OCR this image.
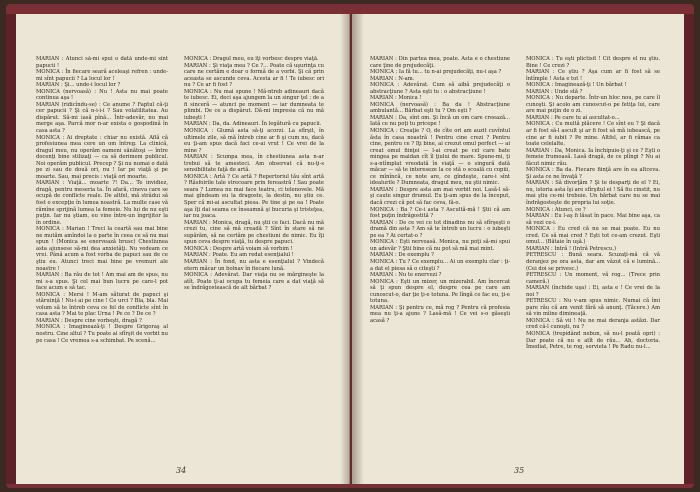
MARIAN : Atunci să-mi spui o dată unde-mi sînt papucii !

MONICA : În fiecare seară aceleaşi refren : unde-mi sînt papucii ? La locul lor !

MARIAN : Şi... unde-i locul lor ?

MONICA (nervoasă) : Nu ! Asta nu mai poate continua aşa !

MARIAN (ridicîndu-se) : Ce anume ? Faptul că-ţi cer papucii ? Şi că n-i-i-i ? Sau volatilitatea. Au dispărut. Să-mi iasă pînă... Într-adevăr, nu mai merge aşa. Parcă mor n-ar exista o gospodină în casa asta ?

MONICA : Ai dreptate : chiar nu există. Află că profesiunea mea cere un om întreg. La clinică, dragul meu, nu operăm oameni sănătoşi — între docenţi bine stilizaţi — ca să derimem publicul. Noi operăm publicul. Precep ? Şi nu numai o dată pe zi sau de două ori, nu ! Iar pe viaţă şi pe moarte. Sau, mai precis : viaţă ori moarte.

MARIAN : Viaţă... moarte ?! Da... Te invidiez, dragă, pentru meseria ta. În afară, cineva care se ocupă de conflicte reale. De altfel, mă strădui să fost o excepţie în lumea noastră. La multe case vă rămîne sprijină lumea la femeie. Nu lui de nu eşti puţin. Iar nu ştiam, eu vine între-un îngrijitor la în ordine.

MONICA : Marian ! Treci la ceartă sau mai bine ne mutăm amîndoi la o parte în ceea ce să nu mai spun ! (Monica se enervează brusc) Chestiunea asta ajunsese să-mi dea anxietăţi. Nu vedeam ce vrei. Până acum a fost vorba de papuci sau de ce ştiu eu. Atunci treci mai bine pe vremuri ale noastre !

MARIAN : Ba rău de tot ! Am mai am de spus, nu mi s-a spus. Şi cel mai bun lucru pe care-l pot face acum e să tac.

MONICA : Mersi ! M-am săturat de papuci şi stăruinţă ! Nu-i ai pe cine ! Ce urci ? Bla, bla. Mai volum să te întreb ceva ce fel de conflicte sînt în casa asta ? Mai te plac Urna ! Pe ce ? De ce ?

MARIAN : Despre cine vorbeşti, dragă ?

MONICA : Imaginează-ţi ! Despre Grigoraş al nostru. Cine altul ? Tu poate ai sfîrşit de vorbit nu pe casa ! Ce vremea s-a schimbat. Pe scenă...

MONICA : Dragul meu, eu îţi vorbesc despre viaţă.

MARIAN : Şi viaţa mea ? Ce ?... Poate că uşurinţa cu care ne certăm e doar o formă de a vorbi. Şi că prin aceasta se ascunde ceva. Acesta ar fi ! Te iubesc ori nu ? Ce ar fi fost ?

MONICA : Nu mai spune ! Mă-ntreb adineauri dacă te iubesc. Ei, deci aşa ajungem la un singur ţel : de a fi sinceră — atunci pe moment — iar dumneata te plimbi. De ce a dispărut. Dă-mi impresia că nu mă iubeşti !

MARIAN : Da, da. Adineauri. În legătură cu papucii.

MONICA : Glumă asta să-ţi acorzi. La sfîrşit, în ultimele zile, să mă întreb cine ar fi şi cum nu, dacă eu ţi-am spus dacă faci ce-ai vrut ! Ce vrei de la mine ?

MARIAN : Scumpa mea, în chestiunea asta n-ar trebui să te amesteci. Am observat că nu-ţi-s sensibilitate faţă de artă.

MONICA : Artă ? Ce artă ? Repertoriul tău sînt artă ? Răsfoirile tale strecoare prin fereastră ! Sau poate seara ? Lumea nu mai face teatru, ci telenovele. Mă mai gîndeam eu la dragoste, la destin, nu ştiu ce. Sper că mi-ai ascultat piesa. Pe tine şi pe ea ! Poate aşa îţi dai seama ce înseamnă şi bucuria şi tristeţea, iar nu joaca.

MARIAN : Monica, dragă, nu ştii ce faci. Dacă nu mă crezi tu, cine să mă creadă ? Sînt în stare să ne supărăm, să ne certăm pe chestiuni de nimic. Eu îţi spun ceva despre viaţă, tu despre papuci.

MONICA : Despre artă voiam să vorbim !

MARIAN : Poate. Eu am redat esenţialul !

MARIAN : În fond, nu asta e esenţialul ? Vindecă etern măcar un bolnav în fiecare lună.

MONICA : Adevărat. Dar viaţa nu se mărgineşte la atît. Poate ţi-ai ocupa tu femeia care a dat viaţă să se îndrăgostească de alt bărbat ?

34

MARIAN : Din partea mea, poate. Asta e o chestiune care ţine de prejudecăţi.

MONICA : Ia fă tu... tu n-ai prejudecăţi, nu-i aşa ?

MARIAN : N-am.

MONICA : Adevărat. Cum să aibă prejudecăţi o abstracţiune ? Asta eşti tu : o abstracţiune !

MARIAN : Monica !

MONICA (nervoasă) : Ba da ! Abstracţiune ambulantă... Bărbat eşti tu ? Om eşti ?

MARIAN : Da, sînt om. Şi încă un om care creează... Iată ce nu poţi tu pricepe !

MONICA : Creaţie ? O, de cîte ori am auzit cuvîntul ăsta în casa noastră ! Pentru cine crezi ? Pentru cine, pentru ce ? Iţi bine, ai crezut omul perfect — ai creat omul fiinţei — l-ai creat pe cel care bate mingea pe maidan cît îl ţiului de mare. Spune-mi, ţi s-a-ntîmplat vreodată în viaţă — o singură dată măcar — să te intereseze la ce stă o scoală cu copiii, ce mînîncă, ce note are, ce gîndeşte, care-i sînt idealurile ? Dumneata, dragul meu, nu ştii nimic.

MARIAN : Despre asta am mai vorbit noi. Lasă-l să-şi caute singur drumul. Eu ţi-am spus de la început, dacă crezi că pot să fac ceva, fă-o.

MONICA : Ba ? Ce-i asta ? Ascultă-mă ! Ştii că am fost puţin îndrăgostită ?

MARIAN : De ce vei ce tot dinadins nu să sfîrşeşti o dramă din asta ? Am să te întreb un lucru : o iubeşti pe ea ? Ai certat-o ?

MONICA : Eşti nervoasă. Monica, nu poţi să-mi spui un adevăr ? Ştii bine că nu pot să mă mai mint.

MARIAN : De exemplu ?

MONICA : Tu ? Ce exemplu... Ai un exemplu clar : ţi-a dat el piesa să o citeşti ?

MARIAN : Nu te enervezi ?

MONICA : Eşti un mizer, un mizerabil. Am încercat să ţi spun despre el, despre cea pe care am cunoscut-o, dar ţie ţi-e totuna. Pe lîngă ce fac eu, ţi-e totuna.

MARIAN : Şi pentru ce, mă rog ? Pentru că profesia mea nu ţi-a ajuns ? Lasă-mă ! Ce vei s-o găseşti acasă ?

MONICA : Tu eşti plictisit ! Cît despre el nu ştiu. Bine ! Ce crezi ?

MARIAN : Ce ştiu ? Aşa cum ar fi fost să se întîmple ! Asta e tot !

MONICA : Imaginează-ţi ! Un bărbat !

MARIAN : Unde stă ?

MONICA : Nu departe. Într-un bloc nou, pe care îl cunoşti. Şi acolo am cunoscut-o pe fetiţa lui, care are mai puţin de o zi.

MARIAN : Pe care tu ai ascultat-o...

MONICA : Cu multă plăcere ! Ce sînt eu ? Şi dacă ar fi fost să-l ascult şi ar fi fost să mă iubească, pe cine ar fi iubit ? Pe mine. Altfel, ar fi rămas ca toate celelalte.

MARIAN : Da, Monica. Ia închipuie-ţi şi ce ? Eşti o femeie frumoasă. Lasă dragă, de ce plîngi ? Nu ai făcut nimic rău.

MONICA : Ba da. Fiecare fiinţă are în ea altceva. Şi asta ce ne învaţă ?

MARIAN : Să divorţăm ? Şi te desparţi de el ? Ei, nu, istoria asta îşi are sfîrşitul ei ! Să fiu cinstit, nu mai ştiu ce-mi trebuie. Un bărbat care nu se mai îndrăgosteşte de propria lui soţie.

MONICA : Atunci, ce ?

MARIAN : Eu l-aş fi lăsat în pace. Mai bine aşa, ca să vezi ce-i.

MONICA : Eu cred că nu se mai poate. Eu nu cred. Ce să mai cred ? Eşti tot ce-am crezut. Eşti omul... (Bătaie în uşă.)

MARIAN : Intră ! (Intră Petrescu.)

PETRESCU : Bună seara. Scuzaţi-mă că vă deranjez pe ora asta, dar am văzut că e lumină... (Cei doi se privesc.)

PETRESCU : Un moment, vă rog... (Trece prin cameră.)

MARIAN (închide uşa) : Ei, asta e ! Ce vrei de la noi ?

PETRESCU : Nu v-am spus nimic. Numai că îmi pare rău că am venit fără să anunţ. (Tăcere.) Am să vin mîine dimineaţă.

MONICA : Să vii ! Nu ne mai deranja astăzi. Dar cred că-l cunoşti, nu ?

MONICA (trepidând nebun, să nu-l poată opri) : Dar poate că nu e atît de rău... Ah, doctoria. Îmediat, Petre, te rog, servieta ! Pe Radu nu-l...

35
